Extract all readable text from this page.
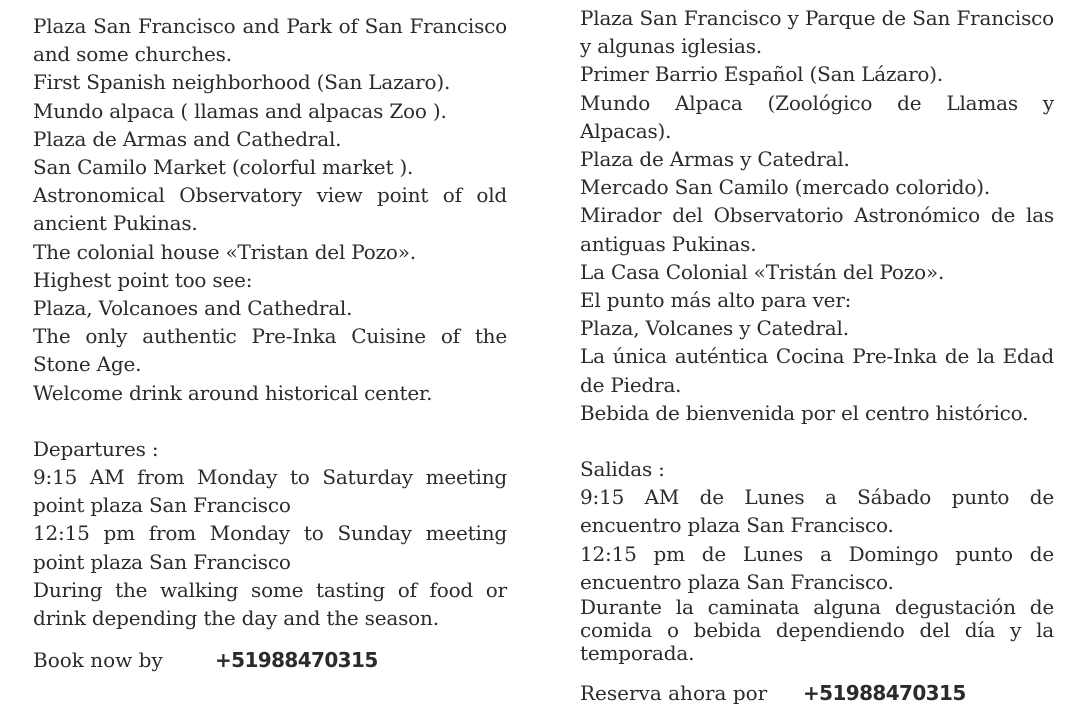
Plaza San Francisco and Park of San Francisco and some churches.

First Spanish neighborhood (San Lazaro).

Mundo alpaca ( llamas and alpacas Zoo ).

Plaza de Armas and Cathedral.

San Camilo Market (colorful market ).

Astronomical Observatory view point of old ancient Pukinas.

The colonial house «Tristan del Pozo».

Highest point too see:

Plaza, Volcanoes and Cathedral.

The only authentic Pre-Inka Cuisine of the Stone Age.

Welcome drink around historical center.

Departures :

9:15 AM from Monday to Saturday meeting point plaza San Francisco

12:15 pm from Monday to Sunday meeting point plaza San Francisco

During the walking some tasting of food or drink depending the day and the season.

Book now by	+51988470315

Plaza San Francisco y Parque de San Francisco y algunas iglesias.

Primer Barrio Español (San Lázaro).

Mundo Alpaca (Zoológico de Llamas y Alpacas).

Plaza de Armas y Catedral.

Mercado San Camilo (mercado colorido).

Mirador del Observatorio Astronómico de las antiguas Pukinas.

La Casa Colonial «Tristán del Pozo».

El punto más alto para ver:

Plaza, Volcanes y Catedral.

La única auténtica Cocina Pre-Inka de la Edad de Piedra.

Bebida de bienvenida por el centro histórico.

Salidas :

9:15 AM de Lunes a Sábado punto de encuentro plaza San Francisco.

12:15 pm de Lunes a Domingo punto de encuentro plaza San Francisco.

Durante la caminata alguna degustación de comida o bebida dependiendo del día y la temporada.

Reserva ahora por +51988470315
